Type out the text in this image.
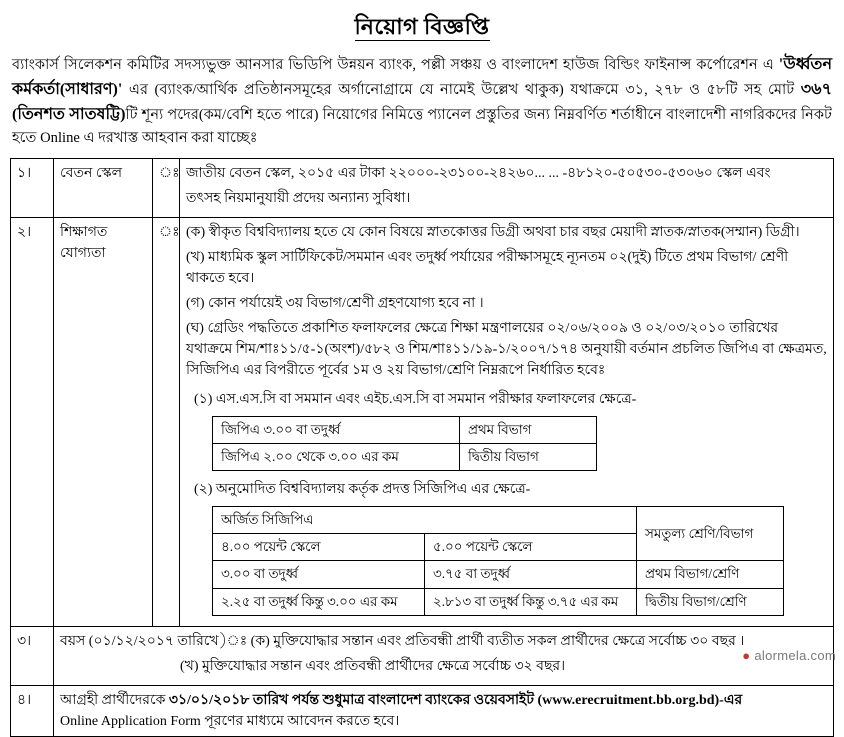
নিয়োগ বিজ্ঞপ্তি
ব্যাংকার্স সিলেকশন কমিটির সদস্যভুক্ত আনসার ভিডিপি উন্নয়ন ব্যাংক, পল্লী সঞ্চয় ও বাংলাদেশ হাউজ বিল্ডিং ফাইনান্স কর্পোরেশন এ 'উর্ধ্বতন কর্মকর্তা(সাধারণ)' এর (ব্যাংক/আর্থিক প্রতিষ্ঠানসমূহের অর্গানোগ্রামে যে নামেই উল্লেখ থাকুক) যথাক্রমে ৩১, ২৭৮ ও ৫৮টি সহ মোট ৩৬৭ (তিনশত সাতষট্টি)টি শূন্য পদের(কম/বেশি হতে পারে) নিয়োগের নিমিত্তে প্যানেল প্রস্তুতির জন্য নিম্নবর্ণিত শর্তাধীনে বাংলাদেশী নাগরিকদের নিকট হতে Online এ দরখাস্ত আহবান করা যাচ্ছেঃ
১।	বেতন স্কেল	ঃ	জাতীয় বেতন স্কেল, ২০১৫ এর টাকা ২২০০০-২৩১০০-২৪২৬০... ... -৪৮১২০-৫০৫৩০-৫৩০৬০ স্কেল এবং
তৎসহ নিয়মানুযায়ী প্রদেয় অন্যান্য সুবিধা।

২।	শিক্ষাগত
যোগ্যতা
	ঃ	(ক) স্বীকৃত বিশ্ববিদ্যালয় হতে যে কোন বিষয়ে স্নাতকোত্তর ডিগ্রী অথবা চার বছর মেয়াদী স্নাতক/স্নাতক(সম্মান) ডিগ্রী।
(খ) মাধ্যমিক স্কুল সার্টিফিকেট/সমমান এবং তদুর্ধ্ব পর্যায়ের পরীক্ষাসমূহে ন্যূনতম ০২(দুই) টিতে প্রথম বিভাগ/ শ্রেণী থাকতে হবে।
(গ) কোন পর্যায়েই ৩য় বিভাগ/শ্রেণী গ্রহণযোগ্য হবে না ।
(ঘ) গ্রেডিং পদ্ধতিতে প্রকাশিত ফলাফলের ক্ষেত্রে শিক্ষা মন্ত্রণালয়ের ০২/০৬/২০০৯ ও ০২/০৩/২০১০ তারিখের যথাক্রমে শিম/শাঃ১১/৫-১(অংশ)/৫৮২ ও শিম/শাঃ১১/১৯-১/২০০৭/১৭৪ অনুযায়ী বর্তমান প্রচলিত জিপিএ বা ক্ষেত্রমত, সিজিপিএ এর বিপরীতে পূর্বের ১ম ও ২য় বিভাগ/শ্রেণি নিম্নরূপে নির্ধারিত হবেঃ
(১) এস.এস.সি বা সমমান এবং এইচ.এস.সি বা সমমান পরীক্ষার ফলাফলের ক্ষেত্রে-
জিপিএ ৩.০০ বা তদুর্ধ্ব	প্রথম বিভাগ
জিপিএ ২.০০ থেকে ৩.০০ এর কম	দ্বিতীয় বিভাগ
(২) অনুমোদিত বিশ্ববিদ্যালয় কর্তৃক প্রদত্ত সিজিপিএ এর ক্ষেত্রে-
অর্জিত সিজিপিএ	সমতুল্য শ্রেণি/বিভাগ
৪.০০ পয়েন্ট স্কেলে	৫.০০ পয়েন্ট স্কেলে
৩.০০ বা তদুর্ধ্ব	৩.৭৫ বা তদুর্ধ্ব	প্রথম বিভাগ/শ্রেণি
২.২৫ বা তদুর্ধ্ব কিন্তু ৩.০০ এর কম	২.৮১৩ বা তদুর্ধ্ব কিন্তু ৩.৭৫ এর কম	দ্বিতীয় বিভাগ/শ্রেণি

৩।	বয়স (০১/১২/২০১৭ তারিখে)ঃ (ক) মুক্তিযোদ্ধার সন্তান এবং প্রতিবন্ধী প্রার্থী ব্যতীত সকল প্রার্থীদের ক্ষেত্রে সর্বোচ্চ ৩০ বছর ।
(খ) মুক্তিযোদ্ধার সন্তান এবং প্রতিবন্ধী প্রার্থীদের ক্ষেত্রে সর্বোচ্চ ৩২ বছর।

৪।	আগ্রহী প্রার্থীদেরকে ৩১/০১/২০১৮ তারিখ পর্যন্ত শুধুমাত্র বাংলাদেশ ব্যাংকের ওয়েবসাইট (www.erecruitment.bb.org.bd)-এর
Online Application Form পূরণের মাধ্যমে আবেদন করতে হবে।
● alormela.com
